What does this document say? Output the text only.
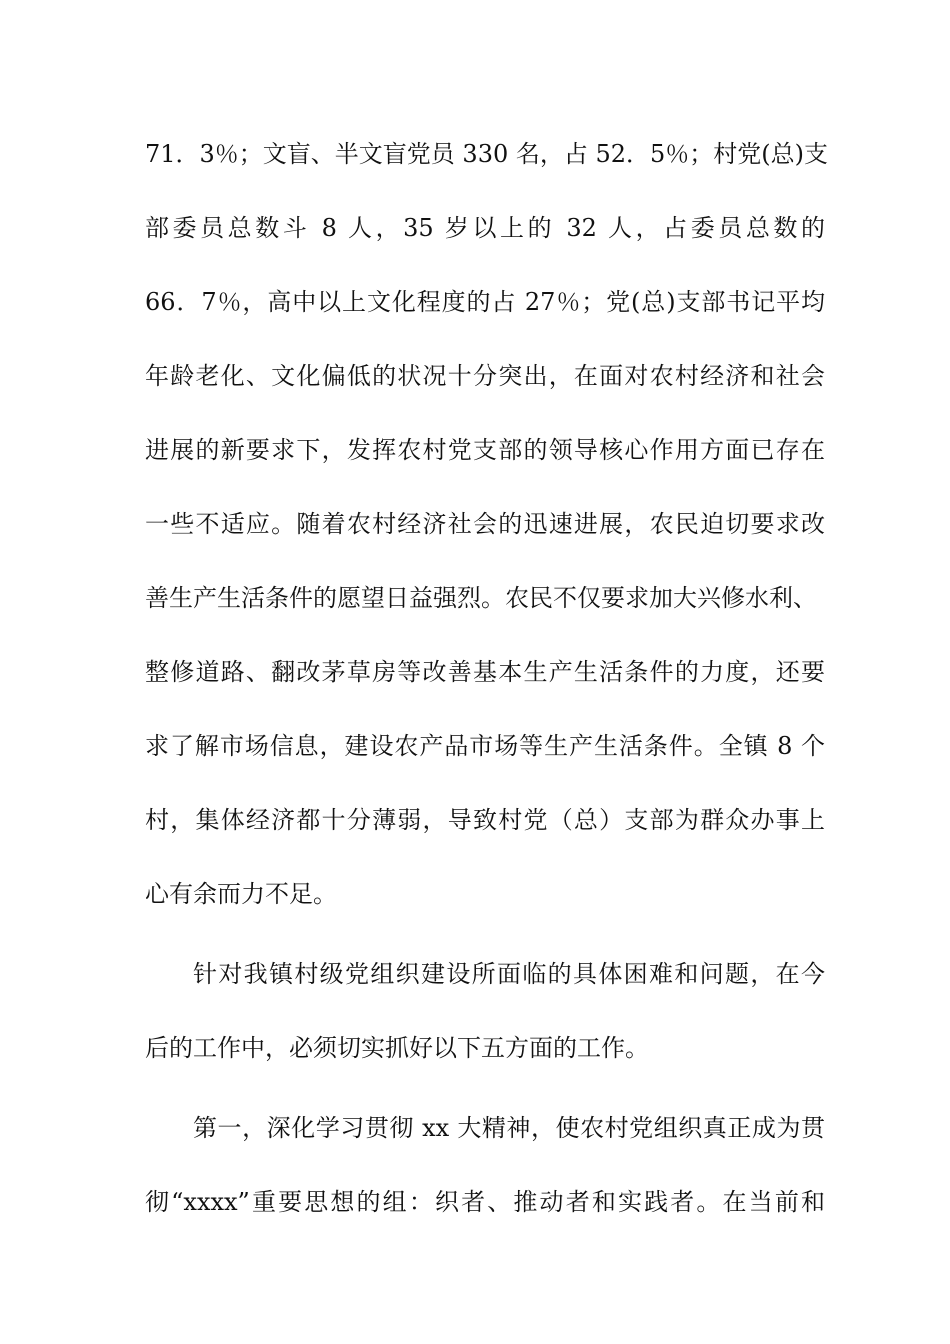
71．3％；文盲、半文盲党员 330 名，占 52．5％；村党(总)支
部委员总数斗 8 人，35 岁以上的 32 人，占委员总数的
66．7％，高中以上文化程度的占 27％；党(总)支部书记平均
年龄老化、文化偏低的状况十分突出，在面对农村经济和社会
进展的新要求下，发挥农村党支部的领导核心作用方面已存在
一些不适应。随着农村经济社会的迅速进展，农民迫切要求改
善生产生活条件的愿望日益强烈。农民不仅要求加大兴修水利、
整修道路、翻改茅草房等改善基本生产生活条件的力度，还要
求了解市场信息，建设农产品市场等生产生活条件。全镇 8 个
村，集体经济都十分薄弱，导致村党（总）支部为群众办事上
心有余而力不足。
针对我镇村级党组织建设所面临的具体困难和问题，在今
后的工作中，必须切实抓好以下五方面的工作。
第一，深化学习贯彻 xx 大精神，使农村党组织真正成为贯
彻“xxxx”重要思想的组：织者、推动者和实践者。在当前和
